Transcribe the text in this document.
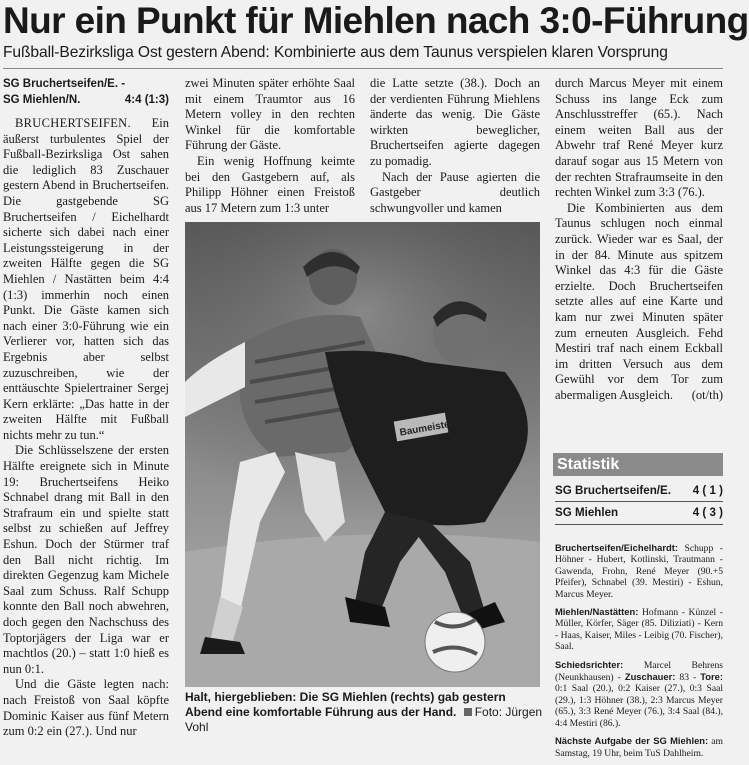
Nur ein Punkt für Miehlen nach 3:0-Führung
Fußball-Bezirksliga Ost gestern Abend: Kombinierte aus dem Taunus verspielen klaren Vorsprung
SG Bruchertseifen/E. -
SG Miehlen/N.	4:4 (1:3)

BRUCHERTSEIFEN. Ein äußerst turbulentes Spiel der Fußball-Bezirksliga Ost sahen die lediglich 83 Zuschauer gestern Abend in Bruchertseifen. Die gastgebende SG Bruchertseifen / Eichelhardt sicherte sich dabei nach einer Leistungssteigerung in der zweiten Hälfte gegen die SG Miehlen / Nastätten beim 4:4 (1:3) immerhin noch einen Punkt. Die Gäste kamen sich nach einer 3:0-Führung wie ein Verlierer vor, hatten sich das Ergebnis aber selbst zuzuschreiben, wie der enttäuschte Spielertrainer Sergej Kern erklärte: „Das hatte in der zweiten Hälfte mit Fußball nichts mehr zu tun.“

Die Schlüsselszene der ersten Hälfte ereignete sich in Minute 19: Bruchertseifens Heiko Schnabel drang mit Ball in den Strafraum ein und spielte statt selbst zu schießen auf Jeffrey Eshun. Doch der Stürmer traf den Ball nicht richtig. Im direkten Gegenzug kam Michele Saal zum Schuss. Ralf Schupp konnte den Ball noch abwehren, doch gegen den Nachschuss des Toptorjägers der Liga war er machtlos (20.) – statt 1:0 hieß es nun 0:1.

Und die Gäste legten nach: nach Freistoß von Saal köpfte Dominic Kaiser aus fünf Metern zum 0:2 ein (27.). Und nur

zwei Minuten später erhöhte Saal mit einem Traumtor aus 16 Metern volley in den rechten Winkel für die komfortable Führung der Gäste.

Ein wenig Hoffnung keimte bei den Gastgebern auf, als Philipp Höhner einen Freistoß aus 17 Metern zum 1:3 unter

die Latte setzte (38.). Doch an der verdienten Führung Miehlens änderte das wenig. Die Gäste wirkten beweglicher, Bruchertseifen agierte dagegen zu pomadig.

Nach der Pause agierten die Gastgeber deutlich schwungvoller und kamen

durch Marcus Meyer mit einem Schuss ins lange Eck zum Anschlusstreffer (65.). Nach einem weiten Ball aus der Abwehr traf René Meyer kurz darauf sogar aus 15 Metern von der rechten Strafraumseite in den rechten Winkel zum 3:3 (76.).

Die Kombinierten aus dem Taunus schlugen noch einmal zurück. Wieder war es Saal, der in der 84. Minute aus spitzem Winkel das 4:3 für die Gäste erzielte. Doch Bruchertseifen setzte alles auf eine Karte und kam nur zwei Minuten später zum erneuten Ausgleich. Fehd Mestiri traf nach einem Eckball im dritten Versuch aus dem Gewühl vor dem Tor zum abermaligen Ausgleich.	(ot/th)

Baumeister
Halt, hiergeblieben: Die SG Miehlen (rechts) gab gestern Abend eine komfortable Führung aus der Hand. Foto: Jürgen Vohl
Statistik
SG Bruchertseifen/E. 4 ( 1 )
SG Miehlen	4 ( 3 )

Bruchertseifen/Eichelhardt: Schupp - Höhner - Hubert, Kotlinski, Trautmann - Gawenda, Frohn, René Meyer (90.+5 Pfeifer), Schnabel (39. Mestiri) - Eshun, Marcus Meyer.

Miehlen/Nastätten: Hofmann - Künzel - Müller, Körfer, Säger (85. Diliziati) - Kern - Haas, Kaiser, Miles - Leibig (70. Fischer), Saal.

Schiedsrichter: Marcel Behrens (Neunkhausen) - Zuschauer: 83 - Tore: 0:1 Saal (20.), 0:2 Kaiser (27.), 0:3 Saal (29.), 1:3 Höhner (38.), 2:3 Marcus Meyer (65.), 3:3 René Meyer (76.), 3:4 Saal (84.), 4:4 Mestiri (86.).

Nächste Aufgabe der SG Miehlen: am Samstag, 19 Uhr, beim TuS Dahlheim.
